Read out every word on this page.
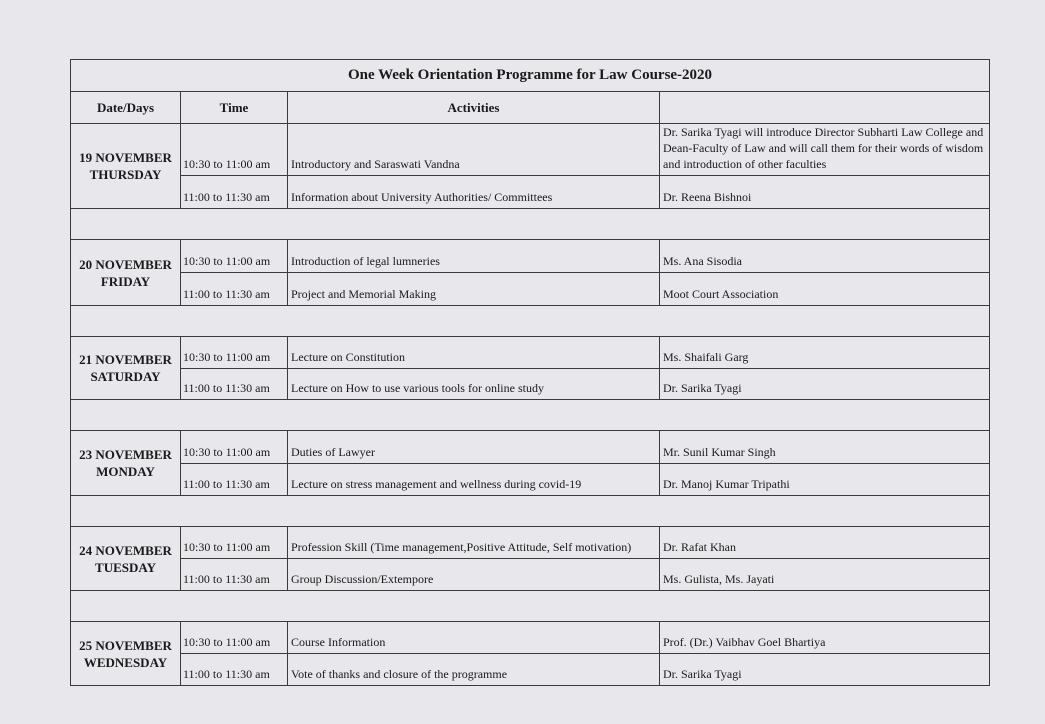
One Week Orientation Programme for Law Course-2020			
Date/Days	Time	Activities	
19 NOVEMBER
THURSDAY	10:30 to 11:00 am	Introductory and Saraswati Vandna	Dr. Sarika Tyagi will introduce Director Subharti Law College and Dean-Faculty of Law and will call them for their words of wisdom and introduction of other faculties
	11:00 to 11:30 am	Information about University Authorities/ Committees	Dr. Reena Bishnoi

20 NOVEMBER
FRIDAY	10:30 to 11:00 am	Introduction of legal lumneries	Ms. Ana Sisodia
	11:00 to 11:30 am	Project and Memorial Making	Moot Court Association

21 NOVEMBER
SATURDAY	10:30 to 11:00 am	Lecture on Constitution	Ms. Shaifali Garg
	11:00 to 11:30 am	Lecture on How to use various tools for online study	Dr. Sarika Tyagi

23 NOVEMBER
MONDAY	10:30 to 11:00 am	Duties of Lawyer	Mr. Sunil Kumar Singh
	11:00 to 11:30 am	Lecture on stress management and wellness during covid-19	Dr. Manoj Kumar Tripathi

24 NOVEMBER
TUESDAY	10:30 to 11:00 am	Profession Skill (Time management,Positive Attitude, Self motivation)	Dr. Rafat Khan
	11:00 to 11:30 am	Group Discussion/Extempore	Ms. Gulista, Ms. Jayati

25 NOVEMBER
WEDNESDAY	10:30 to 11:00 am	Course Information	Prof. (Dr.) Vaibhav Goel Bhartiya
	11:00 to 11:30 am	Vote of thanks and closure of the programme	Dr. Sarika Tyagi
